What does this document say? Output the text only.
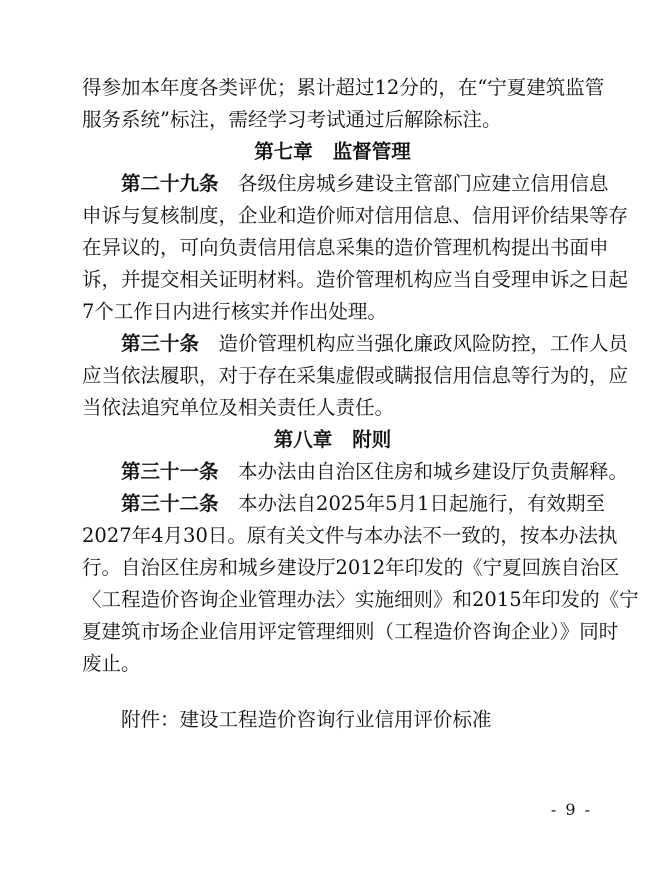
得参加本年度各类评优；累计超过12分的，在“宁夏建筑监管
服务系统”标注，需经学习考试通过后解除标注。
第七章 监督管理
第二十九条　 各级住房城乡建设主管部门应建立信用信息
申诉与复核制度，企业和造价师对信用信息、信用评价结果等存
在异议的，可向负责信用信息采集的造价管理机构提出书面申
诉，并提交相关证明材料。造价管理机构应当自受理申诉之日起
7个工作日内进行核实并作出处理。
第三十条　 造价管理机构应当强化廉政风险防控，工作人员
应当依法履职，对于存在采集虚假或瞒报信用信息等行为的，应
当依法追究单位及相关责任人责任。
第八章 附则
第三十一条　 本办法由自治区住房和城乡建设厅负责解释。
第三十二条　 本办法自2025年5月1日起施行，有效期至
2027年4月30日。原有关文件与本办法不一致的，按本办法执
行。自治区住房和城乡建设厅2012年印发的《宁夏回族自治区
〈工程造价咨询企业管理办法〉实施细则》和2015年印发的《宁
夏建筑市场企业信用评定管理细则（工程造价咨询企业）》同时
废止。
附件：建设工程造价咨询行业信用评价标准
- 9 -
